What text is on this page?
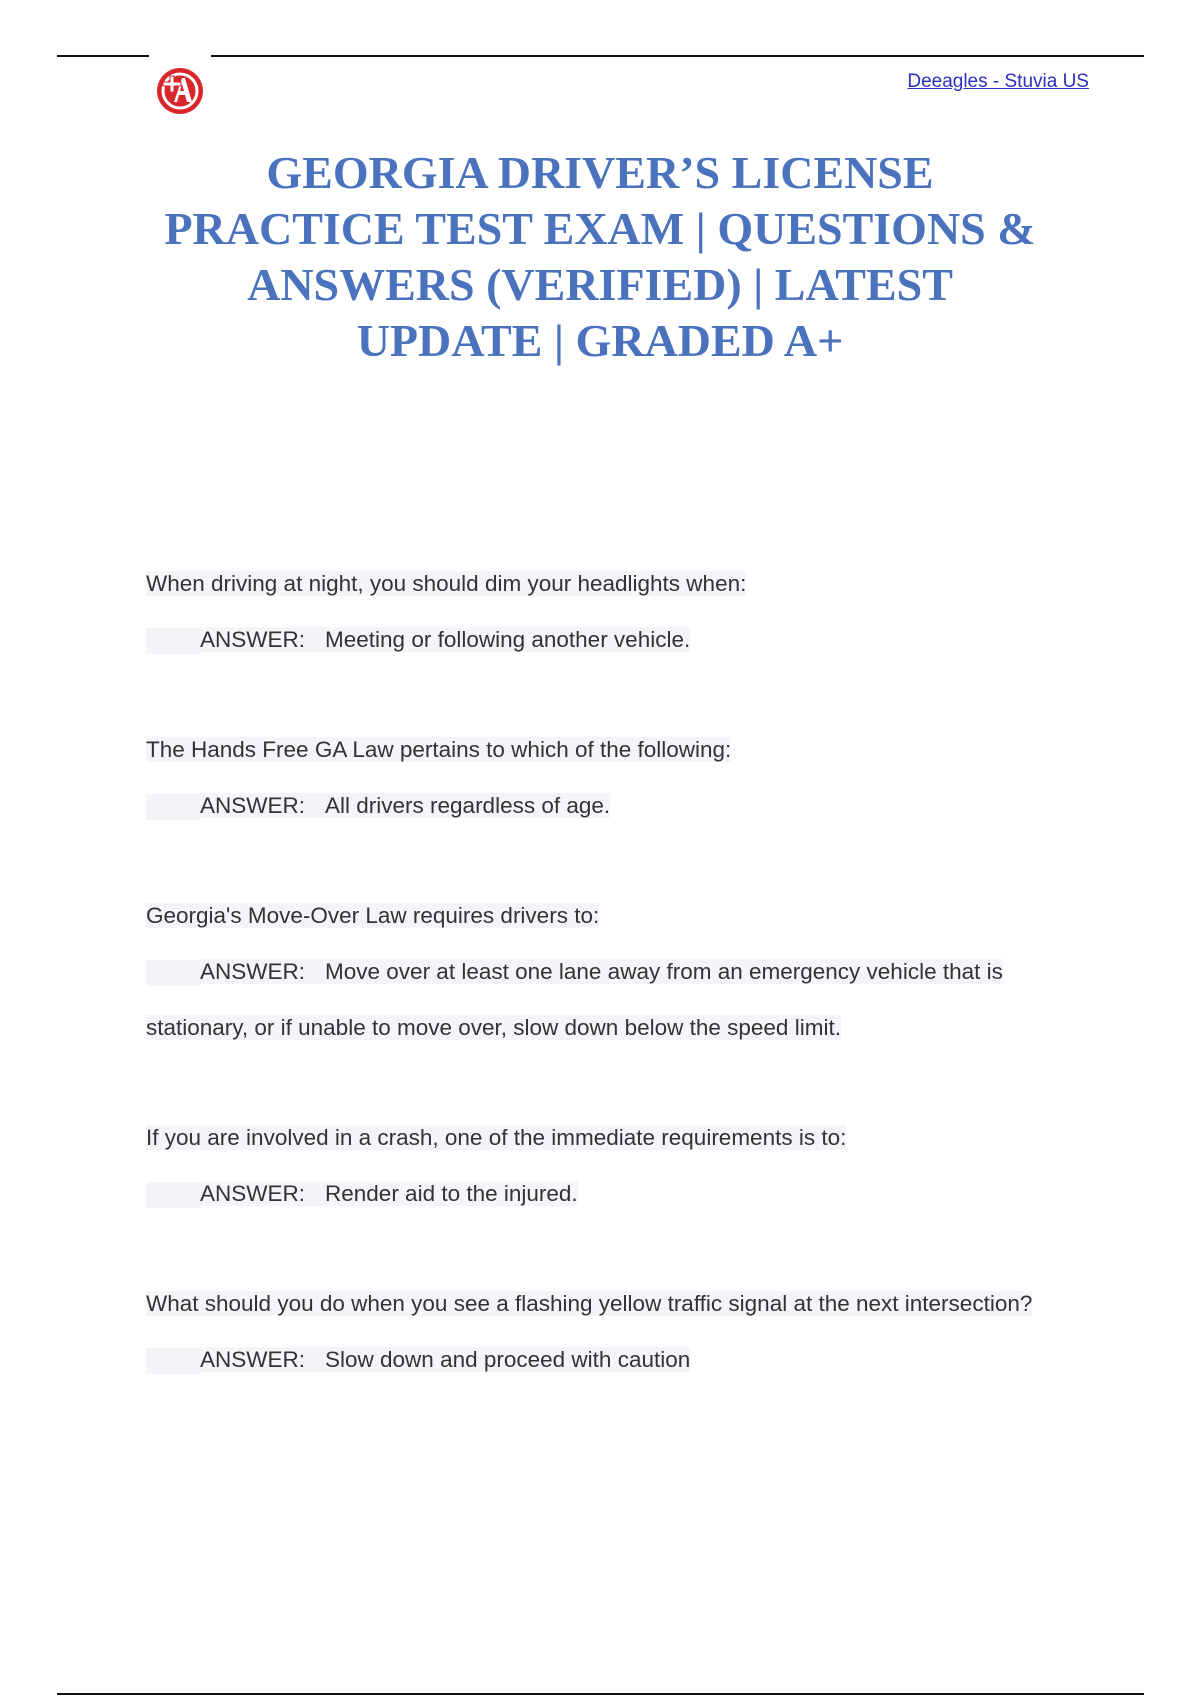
Deeagles - Stuvia US
GEORGIA DRIVER’S LICENSE
PRACTICE TEST EXAM | QUESTIONS &
ANSWERS (VERIFIED) | LATEST
UPDATE | GRADED A+

When driving at night, you should dim your headlights when:

ANSWER: Meeting or following another vehicle.

The Hands Free GA Law pertains to which of the following:

ANSWER: All drivers regardless of age.

Georgia's Move-Over Law requires drivers to:

ANSWER: Move over at least one lane away from an emergency vehicle that is stationary, or if unable to move over, slow down below the speed limit.

If you are involved in a crash, one of the immediate requirements is to:

ANSWER: Render aid to the injured.

What should you do when you see a flashing yellow traffic signal at the next intersection?

ANSWER: Slow down and proceed with caution
